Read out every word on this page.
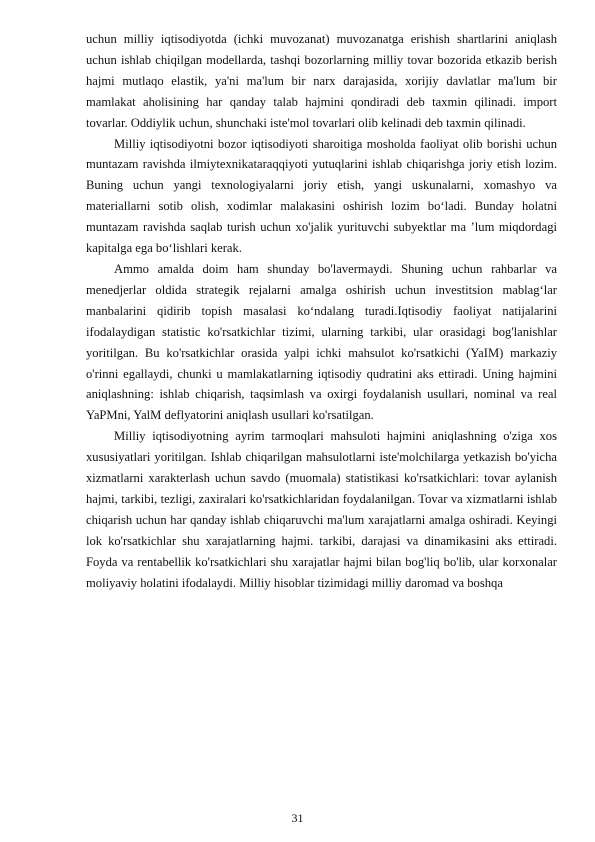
uchun milliy iqtisodiyotda (ichki muvozanat) muvozanatga erishish shartlarini aniqlash uchun ishlab chiqilgan modellarda, tashqi bozorlarning milliy tovar bozorida etkazib berish hajmi mutlaqo elastik, ya'ni ma'lum bir narx darajasida, xorijiy davlatlar ma'lum bir mamlakat aholisining har qanday talab hajmini qondiradi deb taxmin qilinadi. import tovarlar. Oddiylik uchun, shunchaki iste'mol tovarlari olib kelinadi deb taxmin qilinadi.

Milliy iqtisodiyotni bozor iqtisodiyoti sharoitiga mosholda faoliyat olib borishi uchun muntazam ravishda ilmiytexnikataraqqiyoti yutuqlarini ishlab chiqarishga joriy etish lozim. Buning uchun yangi texnologiyalarni joriy etish, yangi uskunalarni, xomashyo va materiallarni sotib olish, xodimlar malakasini oshirish lozim bo‘ladi. Bunday holatni muntazam ravishda saqlab turish uchun xo'jalik yurituvchi subyektlar ma ’lum miqdordagi kapitalga ega bo‘lishlari kerak.

Ammo amalda doim ham shunday bo'lavermaydi. Shuning uchun rahbarlar va menedjerlar oldida strategik rejalarni amalga oshirish uchun investitsion mablag‘lar manbalarini qidirib topish masalasi ko‘ndalang turadi.Iqtisodiy faoliyat natijalarini ifodalaydigan statistic ko'rsatkichlar tizimi, ularning tarkibi, ular orasidagi bog'lanishlar yoritilgan. Bu ko'rsatkichlar orasida yalpi ichki mahsulot ko'rsatkichi (YaIM) markaziy o'rinni egallaydi, chunki u mamlakatlarning iqtisodiy qudratini aks ettiradi. Uning hajmini aniqlashning: ishlab chiqarish, taqsimlash va oxirgi foydalanish usullari, nominal va real YaPMni, YalM deflyatorini aniqlash usullari ko'rsatilgan.

Milliy iqtisodiyotning ayrim tarmoqlari mahsuloti hajmini aniqlashning o'ziga xos xususiyatlari yoritilgan. Ishlab chiqarilgan mahsulotlarni iste'molchilarga yetkazish bo'yicha xizmatlarni xarakterlash uchun savdo (muomala) statistikasi ko'rsatkichlari: tovar aylanish hajmi, tarkibi, tezligi, zaxiralari ko'rsatkichlaridan foydalanilgan. Tovar va xizmatlarni ishlab chiqarish uchun har qanday ishlab chiqaruvchi ma'lum xarajatlarni amalga oshiradi. Keyingi lok ko'rsatkichlar shu xarajatlarning hajmi. tarkibi, darajasi va dinamikasini aks ettiradi. Foyda va rentabellik ko'rsatkichlari shu xarajatlar hajmi bilan bog'liq bo'lib, ular korxonalar moliyaviy holatini ifodalaydi. Milliy hisoblar tizimidagi milliy daromad va boshqa

31
